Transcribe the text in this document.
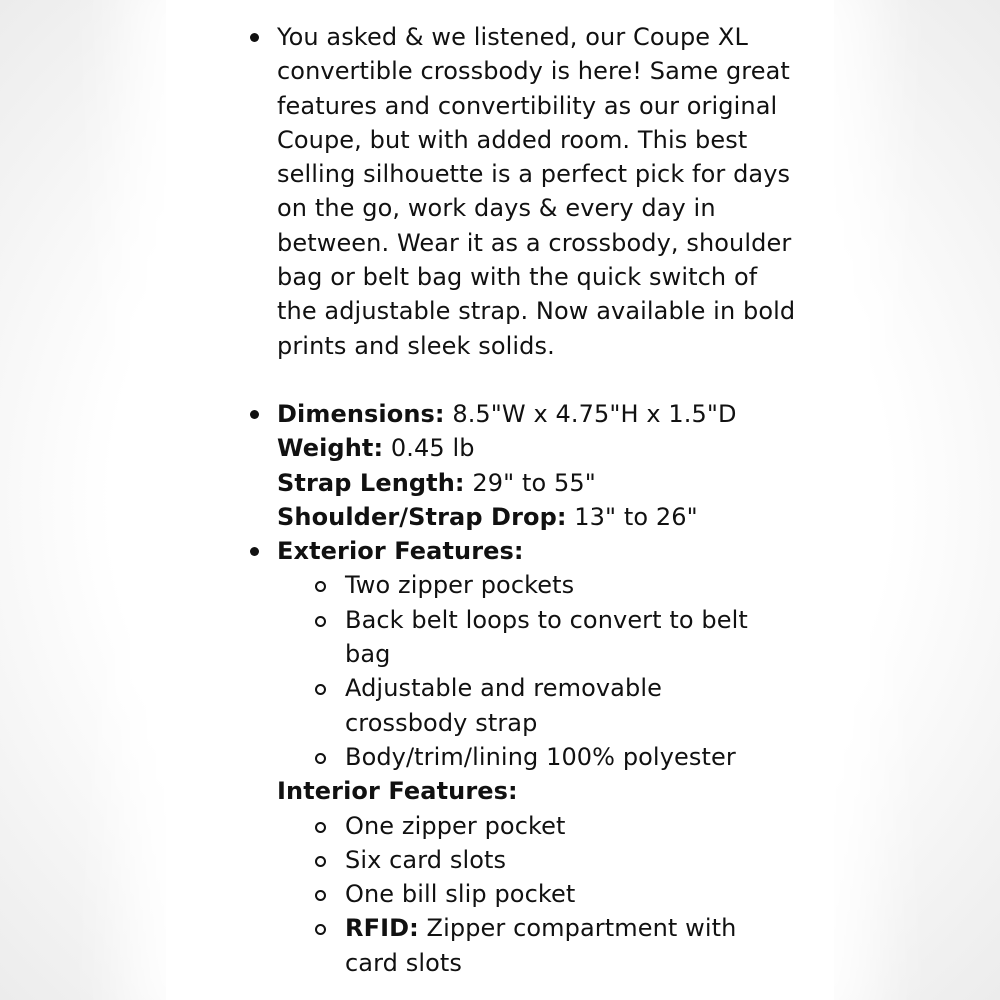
You asked & we listened, our Coupe XL
convertible crossbody is here! Same great
features and convertibility as our original
Coupe, but with added room. This best
selling silhouette is a perfect pick for days
on the go, work days & every day in
between. Wear it as a crossbody, shoulder
bag or belt bag with the quick switch of
the adjustable strap. Now available in bold
prints and sleek solids.

Dimensions: 8.5"W x 4.75"H x 1.5"D
Weight: 0.45 lb
Strap Length: 29" to 55"
Shoulder/Strap Drop: 13" to 26"
Exterior Features:
Two zipper pockets
Back belt loops to convert to belt
bag
Adjustable and removable
crossbody strap
Body/trim/lining 100% polyester
Interior Features:
One zipper pocket
Six card slots
One bill slip pocket
RFID: Zipper compartment with
card slots
